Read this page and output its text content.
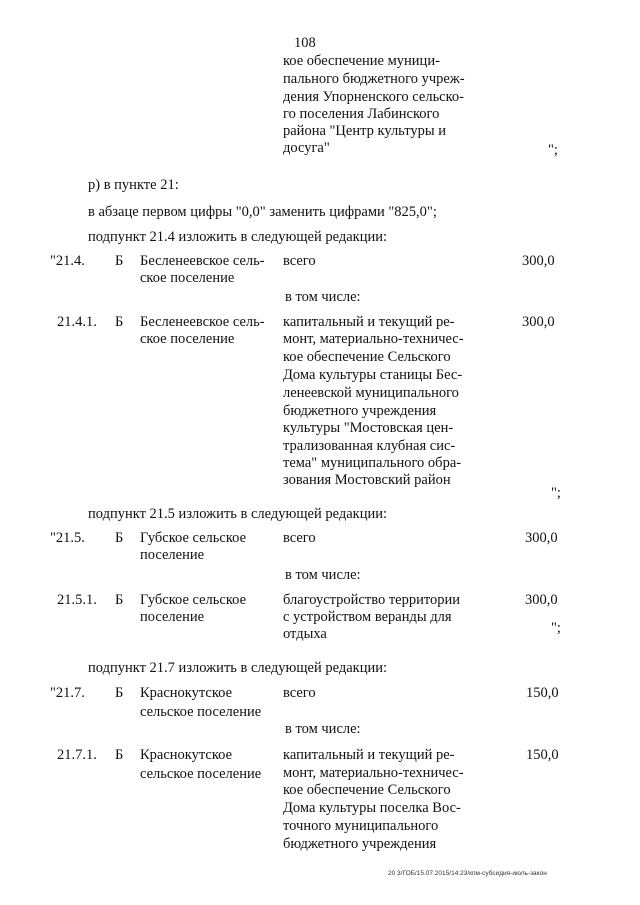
108
кое обеспечение муници-
пального бюджетного учреж-
дения Упорненского сельско-
го поселения Лабинского
района "Центр культуры и
досуга"	";
р) в пункте 21:
в абзаце первом цифры "0,0" заменить цифрами "825,0";
подпункт 21.4 изложить в следующей редакции:
"21.4. Б Бесленеевское сель-
ское поселение
всего
в том числе:
300,0
21.4.1. Б Бесленеевское сель-
ское поселение
капитальный и текущий ре-
монт, материально-техничес-
кое обеспечение Сельского
Дома культуры станицы Бес-
ленеевской муниципального
бюджетного учреждения
культуры "Мостовская цен-
трализованная клубная сис-
тема" муниципального обра-
зования Мостовский район
300,0
";
подпункт 21.5 изложить в следующей редакции:
"21.5. Б Губское сельское
поселение
всего
в том числе:
300,0
21.5.1. Б Губское сельское
поселение
благоустройство территории
с устройством веранды для
отдыха
300,0
";
подпункт 21.7 изложить в следующей редакции:
"21.7. Б Краснокутское
сельское поселение
всего
в том числе:
150,0
21.7.1. Б Краснокутское
сельское поселение
капитальный и текущий ре-
монт, материально-техничес-
кое обеспечение Сельского
Дома культуры поселка Вос-
точного муниципального
бюджетного учреждения
150,0
20 3/ГОБ/15.07.2015/14:23/кпм-субсидия-июль-закон
